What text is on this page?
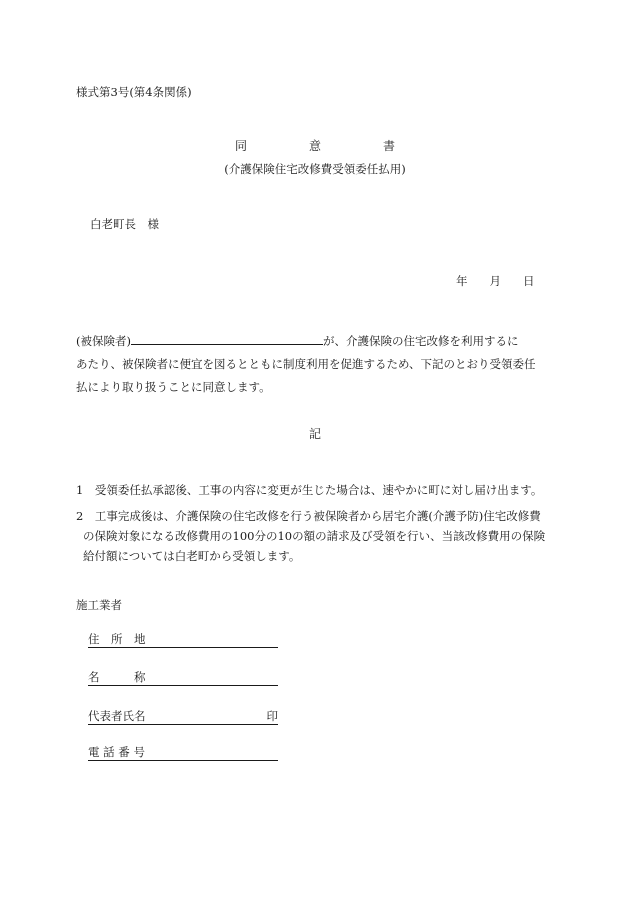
様式第3号(第4条関係)
同	意	書
(介護保険住宅改修費受領委任払用)
白老町長　様
年 月 日
(被保険者)	が、介護保険の住宅改修を利用するに
あたり、被保険者に便宜を図るとともに制度利用を促進するため、下記のとおり受領委任
払により取り扱うことに同意します。
記
1　受領委任払承認後、工事の内容に変更が生じた場合は、速やかに町に対し届け出ます。
2　工事完成後は、介護保険の住宅改修を行う被保険者から居宅介護(介護予防)住宅改修費
の保険対象になる改修費用の100分の10の額の請求及び受領を行い、当該改修費用の保険
給付額については白老町から受領します。
施工業者
住　所　地
名　　　称
代表者氏名	印
電 話 番 号
